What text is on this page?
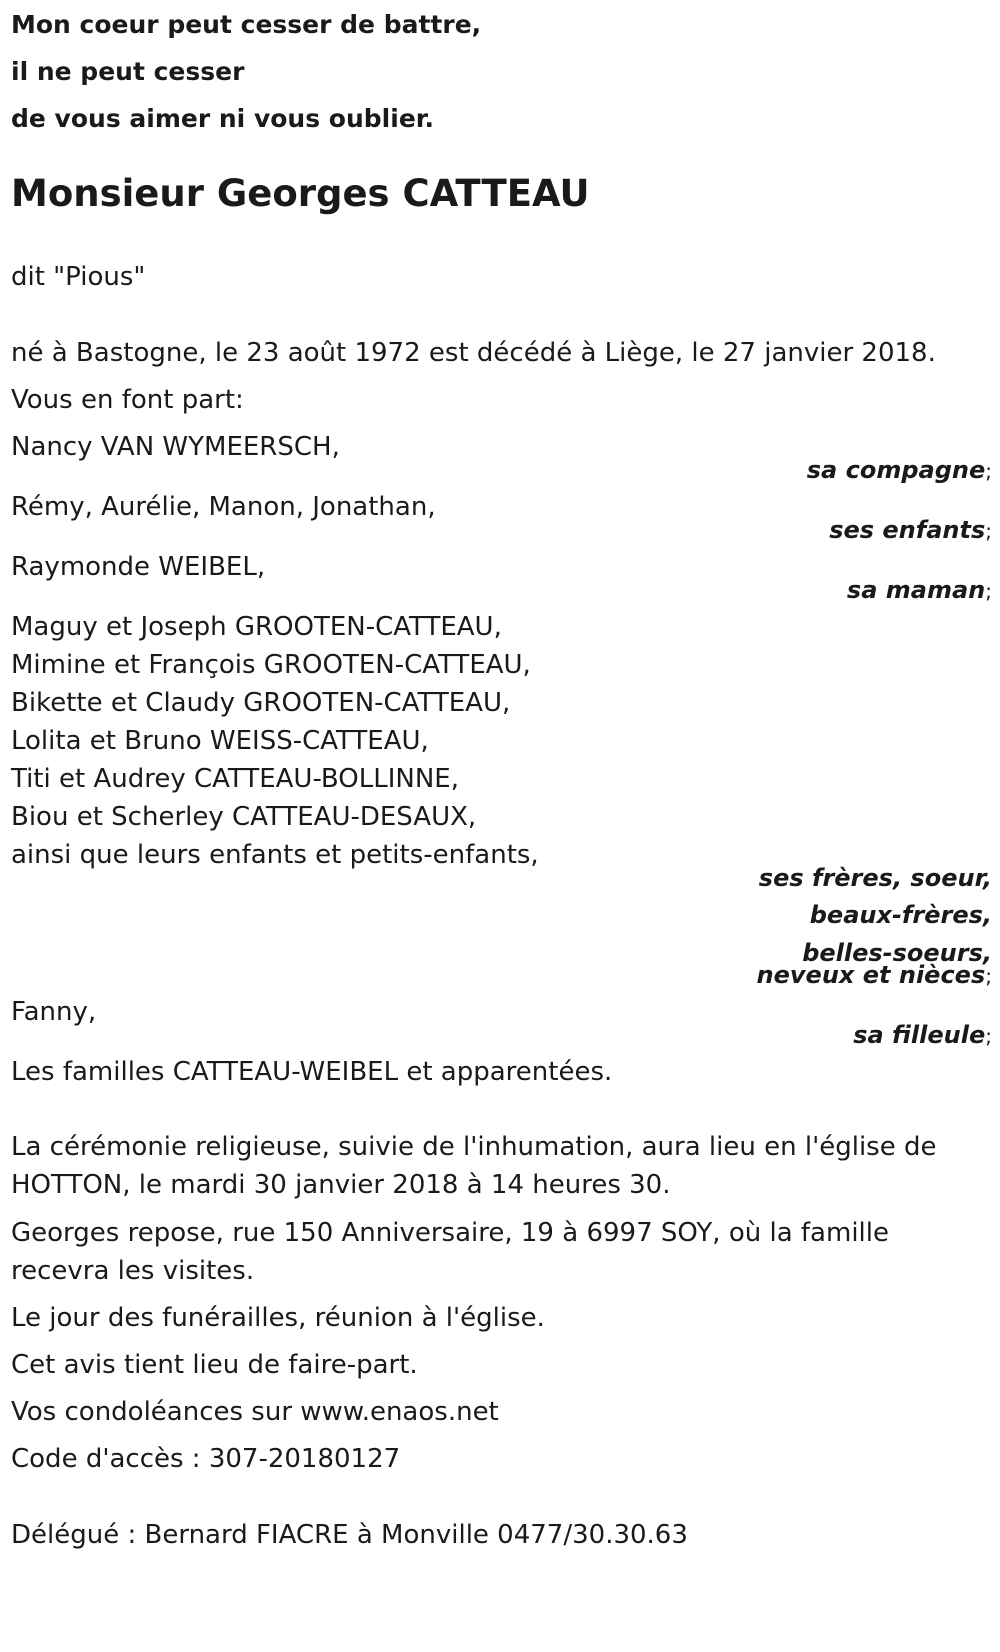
Mon coeur peut cesser de battre,
il ne peut cesser
de vous aimer ni vous oublier.
Monsieur Georges CATTEAU
dit "Pious"
né à Bastogne, le 23 août 1972 est décédé à Liège, le 27 janvier 2018.
Vous en font part:
Nancy VAN WYMEERSCH,
sa compagne;
Rémy, Aurélie, Manon, Jonathan,
ses enfants;
Raymonde WEIBEL,
sa maman;
Maguy et Joseph GROOTEN-CATTEAU,
Mimine et François GROOTEN-CATTEAU,
Bikette et Claudy GROOTEN-CATTEAU,
Lolita et Bruno WEISS-CATTEAU,
Titi et Audrey CATTEAU-BOLLINNE,
Biou et Scherley CATTEAU-DESAUX,
ainsi que leurs enfants et petits-enfants,
ses frères, soeur,
beaux-frères,
belles-soeurs,
neveux et nièces;
Fanny,
sa filleule;
Les familles CATTEAU-WEIBEL et apparentées.
La cérémonie religieuse, suivie de l'inhumation, aura lieu en l'église de
HOTTON, le mardi 30 janvier 2018 à 14 heures 30.
Georges repose, rue 150 Anniversaire, 19 à 6997 SOY, où la famille
recevra les visites.
Le jour des funérailles, réunion à l'église.
Cet avis tient lieu de faire-part.
Vos condoléances sur www.enaos.net
Code d'accès : 307-20180127
Délégué : Bernard FIACRE à Monville 0477/30.30.63
